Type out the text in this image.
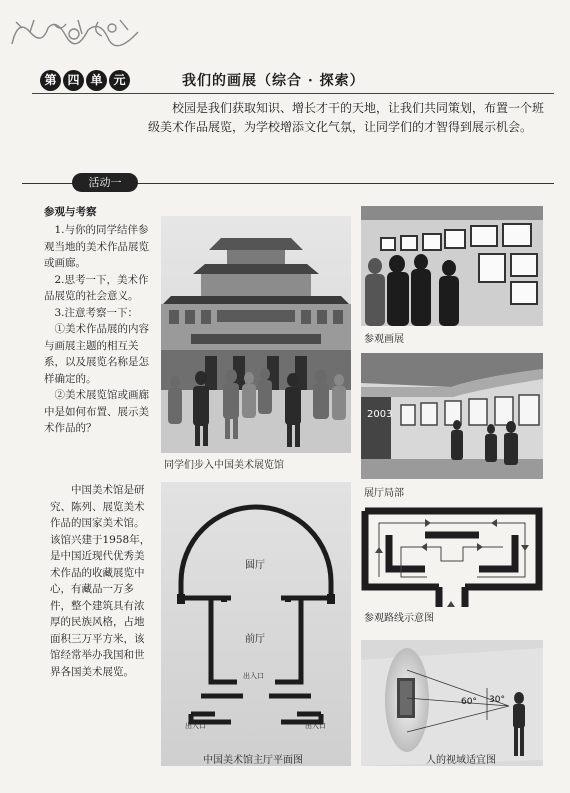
第 四 单 元	我们的画展（综合 · 探索）
校园是我们获取知识、增长才干的天地，让我们共同策划，布置一个班级美术作品展览，为学校增添文化气氛，让同学们的才智得到展示机会。
活动一
参观与考察

1.与你的同学结伴参观当地的美术作品展览或画廊。

2.思考一下，美术作品展览的社会意义。

3.注意考察一下：

①美术作品展的内容与画展主题的相互关系，以及展览名称是怎样确定的。

②美术展览馆或画廊中是如何布置、展示美术作品的？

中国美术馆是研究、陈列、展览美术作品的国家美术馆。该馆兴建于1958年，是中国近现代优秀美术作品的收藏展览中心，有藏品一万多件，整个建筑具有浓厚的民族风格，占地面积三万平方米，该馆经常举办我国和世界各国美术展览。
同学们步入中国美术展览馆
参观画展
2003
展厅局部
参观路线示意图
圆厅
前厅
出入口
出入口	出入口
中国美术馆主厅平面图
60° 30°
人的视域适宜图
